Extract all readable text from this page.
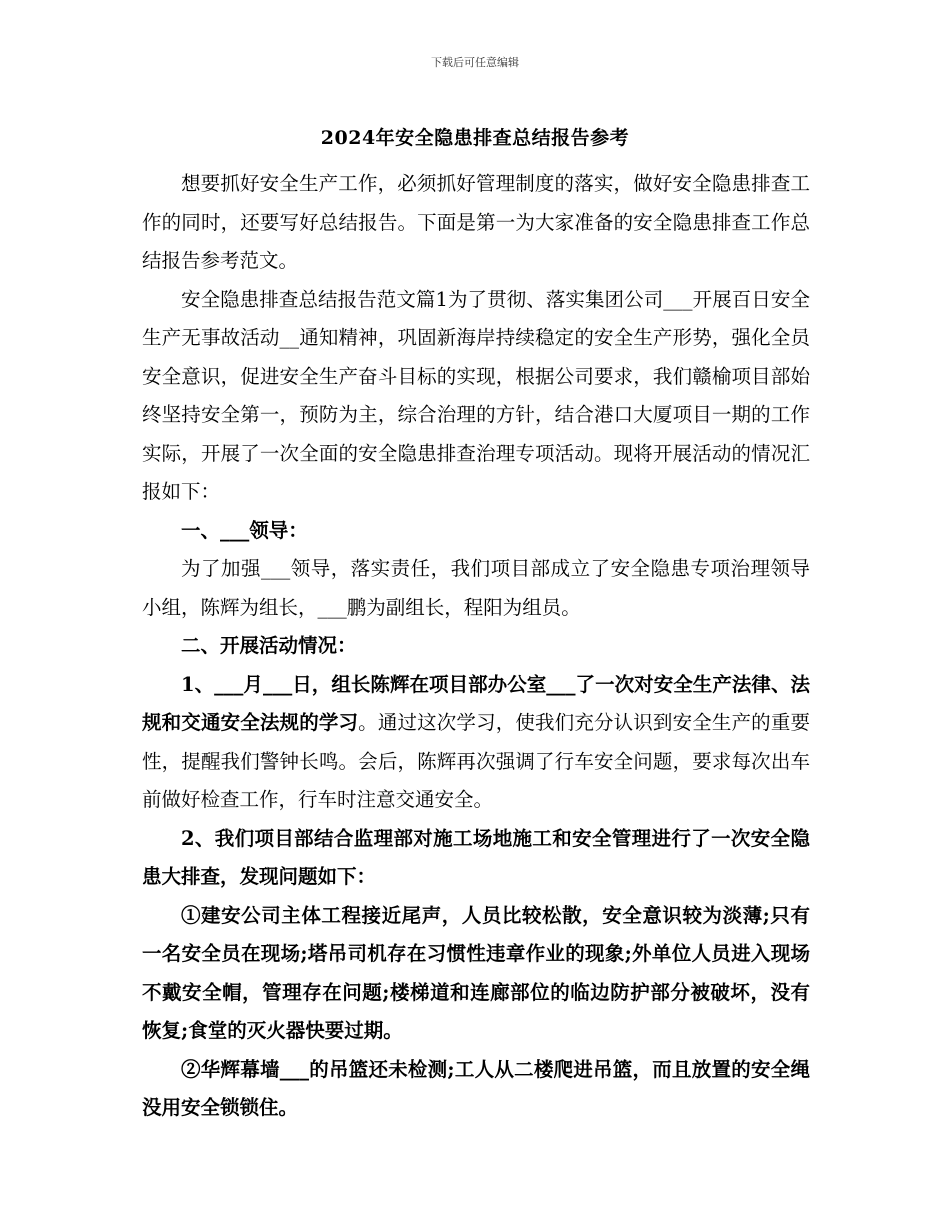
下载后可任意编辑
2024年安全隐患排查总结报告参考

想要抓好安全生产工作，必须抓好管理制度的落实，做好安全隐患排查工作的同时，还要写好总结报告。下面是第一为大家准备的安全隐患排查工作总结报告参考范文。

安全隐患排查总结报告范文篇1为了贯彻、落实集团公司___开展百日安全生产无事故活动__通知精神，巩固新海岸持续稳定的安全生产形势，强化全员安全意识，促进安全生产奋斗目标的实现，根据公司要求，我们赣榆项目部始终坚持安全第一，预防为主，综合治理的方针，结合港口大厦项目一期的工作实际，开展了一次全面的安全隐患排查治理专项活动。现将开展活动的情况汇报如下：

一、___领导：

为了加强___领导，落实责任，我们项目部成立了安全隐患专项治理领导小组，陈辉为组长，___鹏为副组长，程阳为组员。

二、开展活动情况：

1、___月___日，组长陈辉在项目部办公室___了一次对安全生产法律、法规和交通安全法规的学习。通过这次学习，使我们充分认识到安全生产的重要性，提醒我们警钟长鸣。会后，陈辉再次强调了行车安全问题，要求每次出车前做好检查工作，行车时注意交通安全。

2、我们项目部结合监理部对施工场地施工和安全管理进行了一次安全隐患大排查，发现问题如下：

①建安公司主体工程接近尾声，人员比较松散，安全意识较为淡薄;只有一名安全员在现场;塔吊司机存在习惯性违章作业的现象;外单位人员进入现场不戴安全帽，管理存在问题;楼梯道和连廊部位的临边防护部分被破坏，没有恢复;食堂的灭火器快要过期。

②华辉幕墙___的吊篮还未检测;工人从二楼爬进吊篮，而且放置的安全绳没用安全锁锁住。
